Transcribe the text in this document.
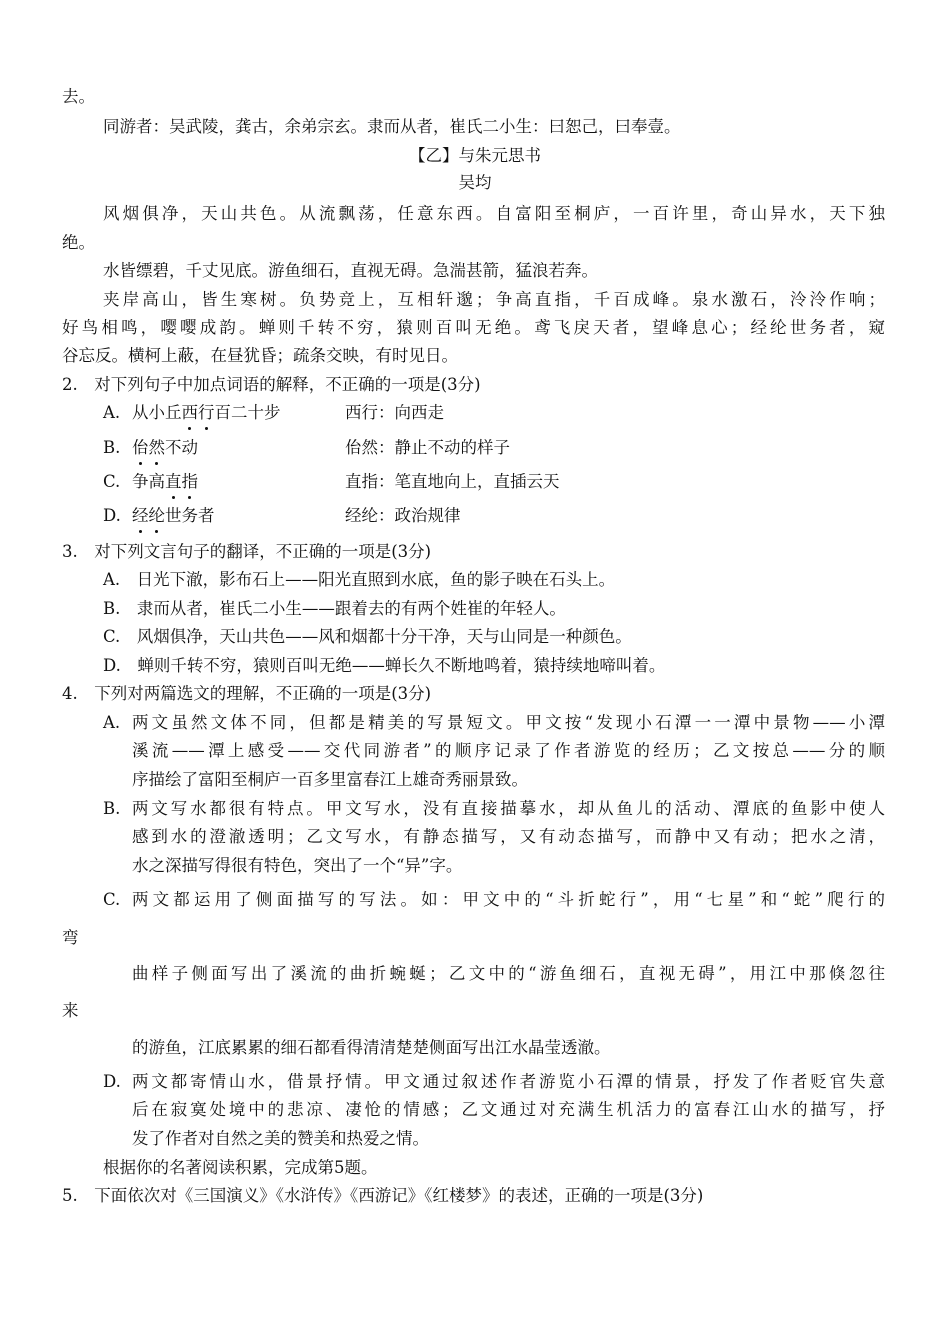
去。
同游者：吴武陵，龚古，余弟宗玄。隶而从者，崔氏二小生：曰恕己，曰奉壹。
【乙】与朱元思书
吴均
风烟俱净，天山共色。从流飘荡，任意东西。自富阳至桐庐，一百许里，奇山异水，天下独
绝。
水皆缥碧，千丈见底。游鱼细石，直视无碍。急湍甚箭，猛浪若奔。
夹岸高山，皆生寒树。负势竞上，互相轩邈；争高直指，千百成峰。泉水激石，泠泠作响；
好鸟相鸣，嘤嘤成韵。蝉则千转不穷，猿则百叫无绝。鸢飞戾天者，望峰息心；经纶世务者，窥
谷忘反。横柯上蔽，在昼犹昏；疏条交映，有时见日。
2.　对下列句子中加点词语的解释，不正确的一项是(3分)
A. 从小丘西行百二十步	西行：向西走
B. 佁然不动	佁然：静止不动的样子
C. 争高直指	直指：笔直地向上，直插云天
D. 经纶世务者	经纶：政治规律
3.　对下列文言句子的翻译，不正确的一项是(3分)
A.　日光下澈，影布石上——阳光直照到水底，鱼的影子映在石头上。
B.　隶而从者，崔氏二小生——跟着去的有两个姓崔的年轻人。
C.　风烟俱净，天山共色——风和烟都十分干净，天与山同是一种颜色。
D.　蝉则千转不穷，猿则百叫无绝——蝉长久不断地鸣着，猿持续地啼叫着。
4.　下列对两篇选文的理解，不正确的一项是(3分)
A. 两文虽然文体不同，但都是精美的写景短文。甲文按“发现小石潭一一潭中景物——小潭
溪流——潭上感受——交代同游者”的顺序记录了作者游览的经历；乙文按总——分的顺
序描绘了富阳至桐庐一百多里富春江上雄奇秀丽景致。
B. 两文写水都很有特点。甲文写水，没有直接描摹水，却从鱼儿的活动、潭底的鱼影中使人
感到水的澄澈透明；乙文写水，有静态描写，又有动态描写，而静中又有动；把水之清，
水之深描写得很有特色，突出了一个“异”字。
C. 两文都运用了侧面描写的写法。如：甲文中的“斗折蛇行”，用“七星”和“蛇”爬行的
弯
曲样子侧面写出了溪流的曲折蜿蜒；乙文中的“游鱼细石，直视无碍”，用江中那倏忽往
来
的游鱼，江底累累的细石都看得清清楚楚侧面写出江水晶莹透澈。
D. 两文都寄情山水，借景抒情。甲文通过叙述作者游览小石潭的情景，抒发了作者贬官失意
后在寂寞处境中的悲凉、凄怆的情感；乙文通过对充满生机活力的富春江山水的描写，抒
发了作者对自然之美的赞美和热爱之情。
根据你的名著阅读积累，完成第5题。
5.　下面依次对《三国演义》《水浒传》《西游记》《红楼梦》的表述，正确的一项是(3分)
